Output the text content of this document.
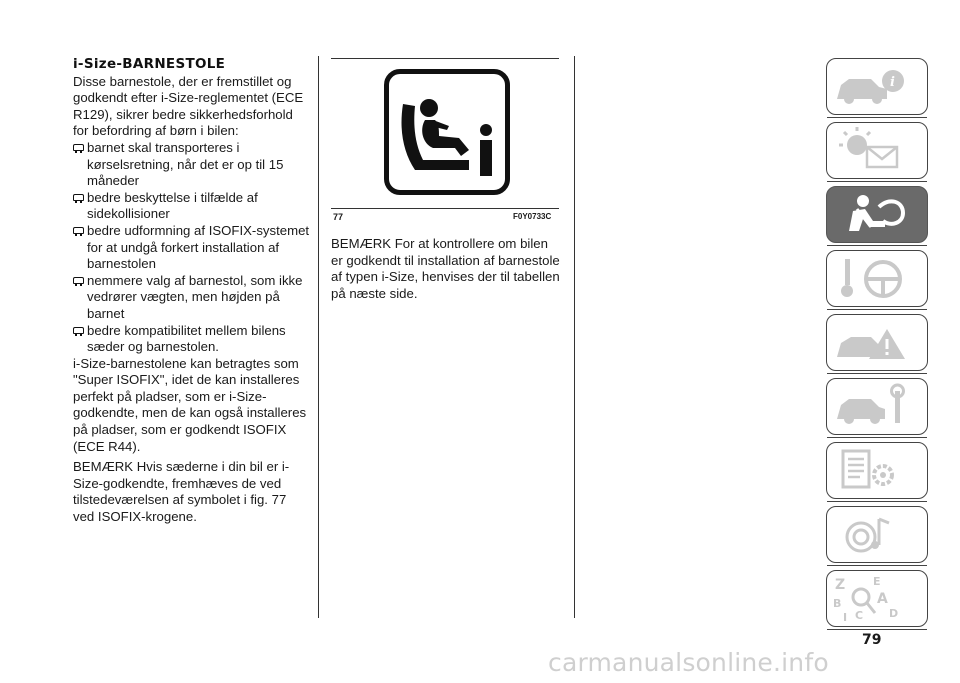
i-Size-BARNESTOLE

Disse barnestole, der er fremstillet og godkendt efter i-Size-reglementet (ECE R129), sikrer bedre sikkerhedsforhold for befordring af børn i bilen:

barnet skal transporteres i kørselsretning, når det er op til 15 måneder
bedre beskyttelse i tilfælde af sidekollisioner
bedre udformning af ISOFIX-systemet for at undgå forkert installation af barnestolen
nemmere valg af barnestol, som ikke vedrører vægten, men højden på barnet
bedre kompatibilitet mellem bilens sæder og barnestolen.

i-Size-barnestolene kan betragtes som "Super ISOFIX", idet de kan installeres perfekt på pladser, som er i-Size-godkendte, men de kan også installeres på pladser, som er godkendt ISOFIX (ECE R44).

BEMÆRK Hvis sæderne i din bil er i-Size-godkendte, fremhæves de ved tilstedeværelsen af symbolet i fig. 77 ved ISOFIX-krogene.

77	F0Y0733C

BEMÆRK For at kontrollere om bilen er godkendt til installation af barnestole af typen i-Size, henvises der til tabellen på næste side.

i
Z	E
B	A
I C D
79
carmanualsonline.info
